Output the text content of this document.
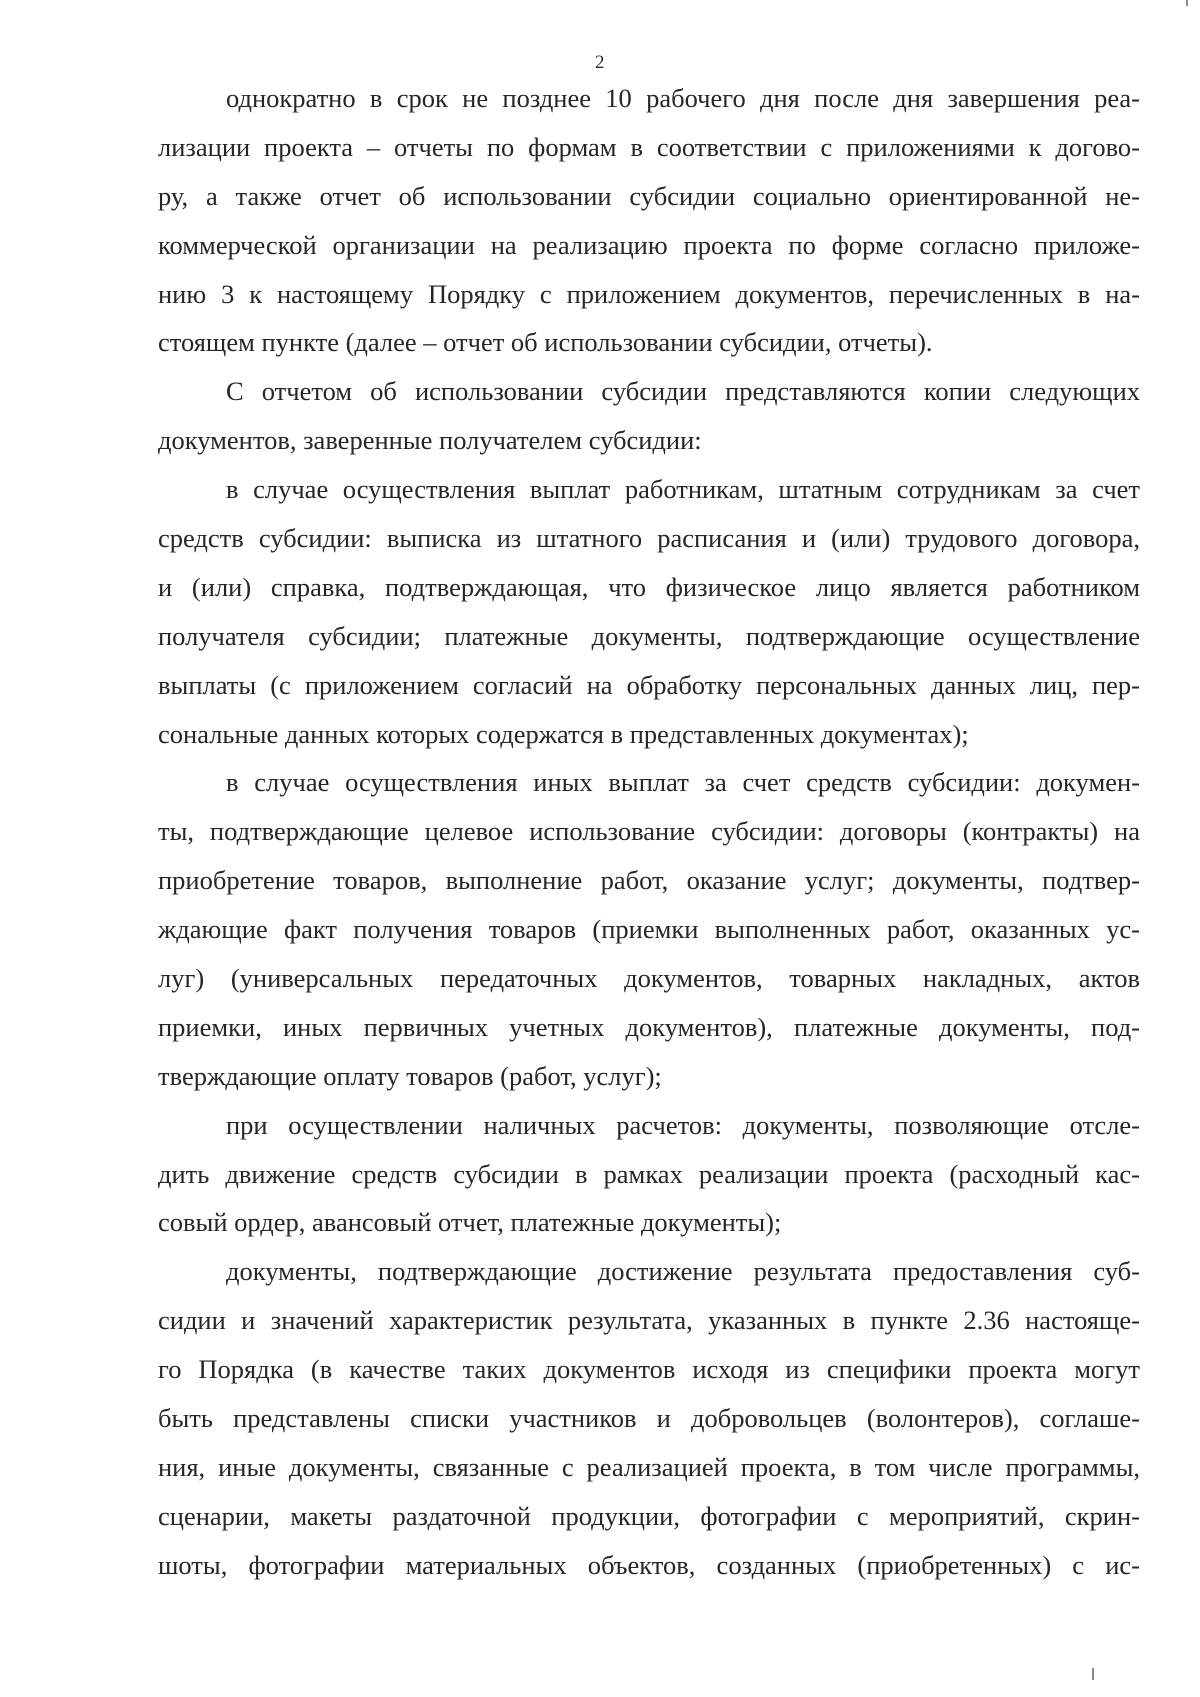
2
однократно в срок не позднее 10 рабочего дня после дня завершения реа-
лизации проекта – отчеты по формам в соответствии с приложениями к догово-
ру, а также отчет об использовании субсидии социально ориентированной не-
коммерческой организации на реализацию проекта по форме согласно приложе-
нию 3 к настоящему Порядку с приложением документов, перечисленных в на-
стоящем пункте (далее – отчет об использовании субсидии, отчеты).
С отчетом об использовании субсидии представляются копии следующих
документов, заверенные получателем субсидии:
в случае осуществления выплат работникам, штатным сотрудникам за счет
средств субсидии: выписка из штатного расписания и (или) трудового договора,
и (или) справка, подтверждающая, что физическое лицо является работником
получателя субсидии; платежные документы, подтверждающие осуществление
выплаты (с приложением согласий на обработку персональных данных лиц, пер-
сональные данных которых содержатся в представленных документах);
в случае осуществления иных выплат за счет средств субсидии: докумен-
ты, подтверждающие целевое использование субсидии: договоры (контракты) на
приобретение товаров, выполнение работ, оказание услуг; документы, подтвер-
ждающие факт получения товаров (приемки выполненных работ, оказанных ус-
луг) (универсальных передаточных документов, товарных накладных, актов
приемки, иных первичных учетных документов), платежные документы, под-
тверждающие оплату товаров (работ, услуг);
при осуществлении наличных расчетов: документы, позволяющие отсле-
дить движение средств субсидии в рамках реализации проекта (расходный кас-
совый ордер, авансовый отчет, платежные документы);
документы, подтверждающие достижение результата предоставления суб-
сидии и значений характеристик результата, указанных в пункте 2.36 настояще-
го Порядка (в качестве таких документов исходя из специфики проекта могут
быть представлены списки участников и добровольцев (волонтеров), соглаше-
ния, иные документы, связанные с реализацией проекта, в том числе программы,
сценарии, макеты раздаточной продукции, фотографии с мероприятий, скрин-
шоты, фотографии материальных объектов, созданных (приобретенных) с ис-
